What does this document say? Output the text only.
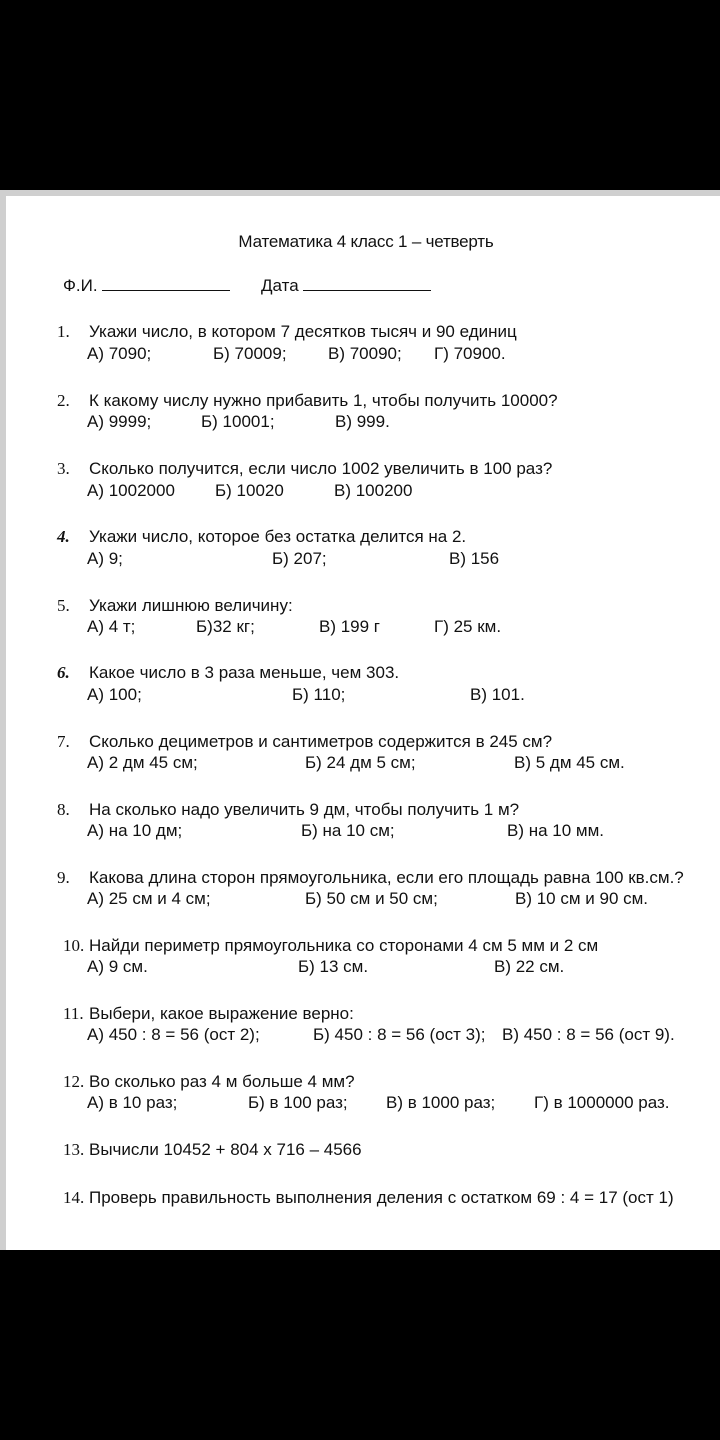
Математика 4 класс 1 – четверть
Ф.И.	Дата
1. Укажи число, в котором 7 десятков тысяч и 90 единиц
А) 7090;	Б) 70009; В) 70090; Г) 70900.
2. К какому числу нужно прибавить 1, чтобы получить 10000?
А) 9999;	Б) 10001;	В) 999.
3. Сколько получится, если число 1002 увеличить в 100 раз?
А) 1002000 Б) 10020	В) 100200
4. Укажи число, которое без остатка делится на 2.
А) 9;	Б) 207;	В) 156
5. Укажи лишнюю величину:
А) 4 т;	Б)32 кг;	В) 199 г	Г) 25 км.
6. Какое число в 3 раза меньше, чем 303.
А) 100;	Б) 110;	В) 101.
7. Сколько дециметров и сантиметров содержится в 245 см?
А) 2 дм 45 см;	Б) 24 дм 5 см;	В) 5 дм 45 см.
8. На сколько надо увеличить 9 дм, чтобы получить 1 м?
А) на 10 дм;	Б) на 10 см;	В) на 10 мм.
9. Какова длина сторон прямоугольника, если его площадь равна 100 кв.см.?
А) 25 см и 4 см;	Б) 50 см и 50 см;	В) 10 см и 90 см.
10. Найди периметр прямоугольника со сторонами 4 см 5 мм и 2 см
А) 9 см.	Б) 13 см.	В) 22 см.
11. Выбери, какое выражение верно:
А) 450 : 8 = 56 (ост 2);	Б) 450 : 8 = 56 (ост 3); В) 450 : 8 = 56 (ост 9).
12. Во сколько раз 4 м больше 4 мм?
А) в 10 раз;	Б) в 100 раз; В) в 1000 раз; Г) в 1000000 раз.
13. Вычисли 10452 + 804 х 716 – 4566
14. Проверь правильность выполнения деления с остатком 69 : 4 = 17 (ост 1)
